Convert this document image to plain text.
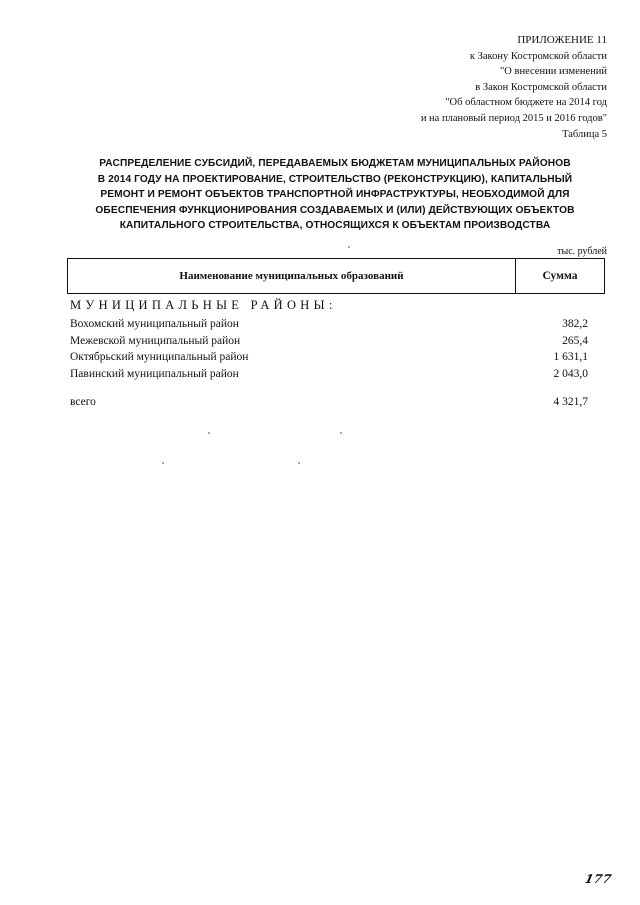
ПРИЛОЖЕНИЕ 11
к Закону Костромской области
"О внесении изменений
в Закон Костромской области
"Об областном бюджете на 2014 год
и на плановый период 2015 и 2016 годов"
Таблица 5
РАСПРЕДЕЛЕНИЕ СУБСИДИЙ, ПЕРЕДАВАЕМЫХ БЮДЖЕТАМ МУНИЦИПАЛЬНЫХ РАЙОНОВ
В 2014 ГОДУ НА ПРОЕКТИРОВАНИЕ, СТРОИТЕЛЬСТВО (РЕКОНСТРУКЦИЮ), КАПИТАЛЬНЫЙ
РЕМОНТ И РЕМОНТ ОБЪЕКТОВ ТРАНСПОРТНОЙ ИНФРАСТРУКТУРЫ, НЕОБХОДИМОЙ ДЛЯ
ОБЕСПЕЧЕНИЯ ФУНКЦИОНИРОВАНИЯ СОЗДАВАЕМЫХ И (ИЛИ) ДЕЙСТВУЮЩИХ ОБЪЕКТОВ
КАПИТАЛЬНОГО СТРОИТЕЛЬСТВА, ОТНОСЯЩИХСЯ К ОБЪЕКТАМ ПРОИЗВОДСТВА
тыс. рублей
Наименование муниципальных образований	Сумма
МУНИЦИПАЛЬНЫЕ РАЙОНЫ:
Вохомский муниципальный район	382,2
Межевской муниципальный район	265,4
Октябрьский муниципальный район	1 631,1
Павинский муниципальный район	2 043,0
всего	4 321,7
177
